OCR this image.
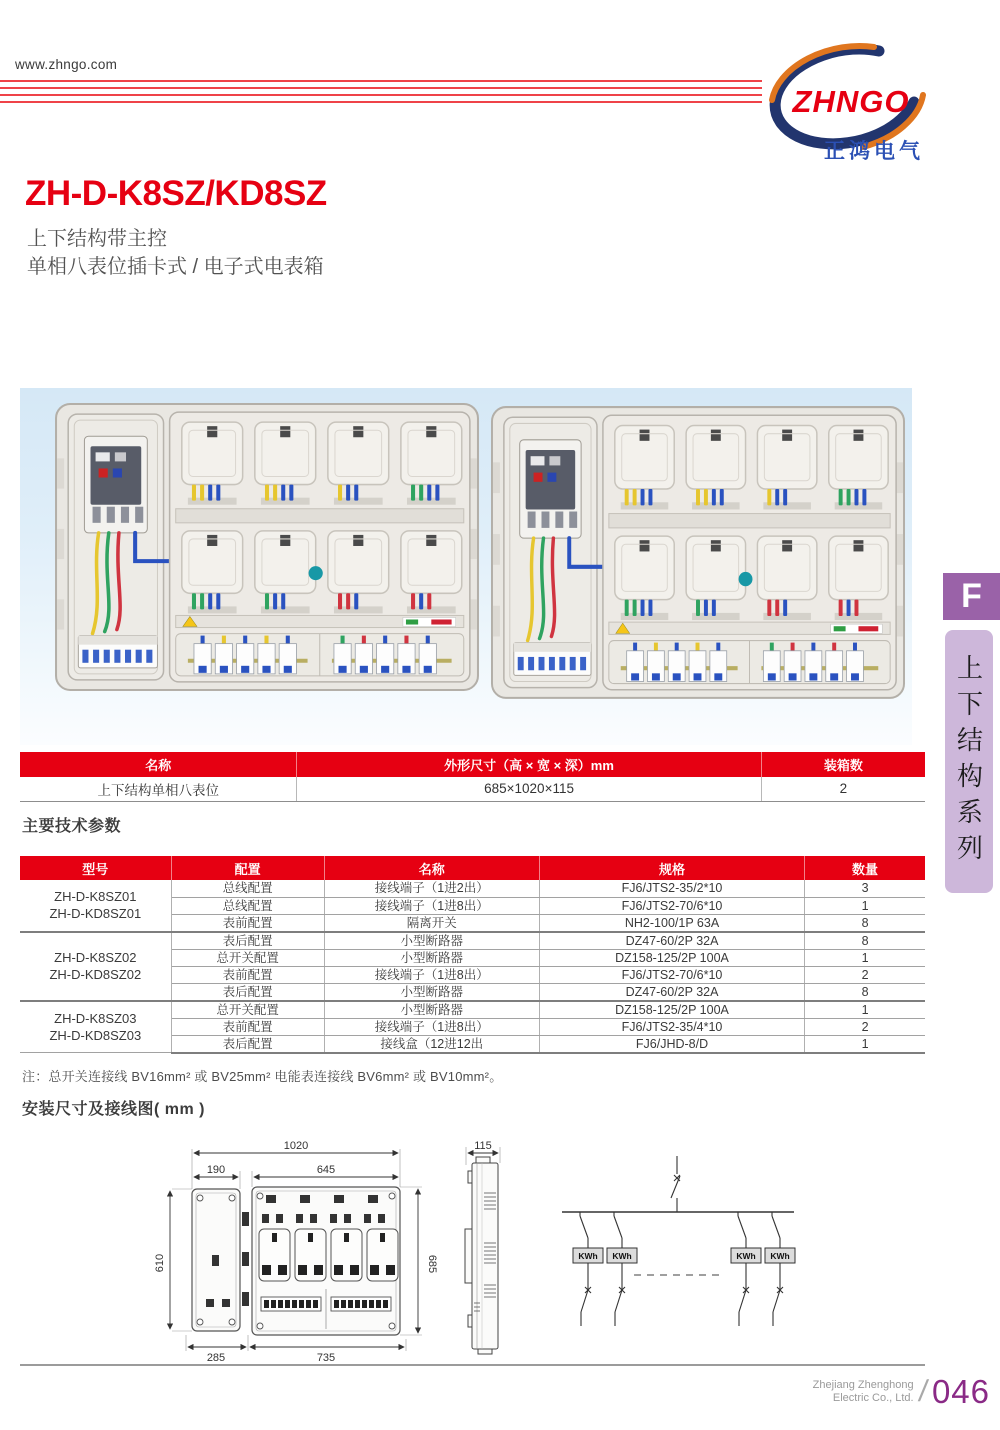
www.zhngo.com
ZHNGO
正鸿电气
ZH-D-K8SZ/KD8SZ
上下结构带主控
单相八表位插卡式 / 电子式电表箱
名称	外形尺寸（高 × 宽 × 深）mm	装箱数
上下结构单相八表位	685×1020×115	2
主要技术参数
型号	配置	名称	规格	数量
ZH-D-K8SZ01
ZH-D-KD8SZ01	总线配置	接线端子（1进2出）	FJ6/JTS2-35/2*10	3
	总线配置	接线端子（1进8出）	FJ6/JTS2-70/6*10	1
	表前配置	隔离开关	NH2-100/1P 63A	8
ZH-D-K8SZ02
ZH-D-KD8SZ02	表后配置	小型断路器	DZ47-60/2P 32A	8
	总开关配置	小型断路器	DZ158-125/2P 100A	1
	表前配置	接线端子（1进8出）	FJ6/JTS2-70/6*10	2
	表后配置	小型断路器	DZ47-60/2P 32A	8
ZH-D-K8SZ03
ZH-D-KD8SZ03	总开关配置	小型断路器	DZ158-125/2P 100A	1
	表前配置	接线端子（1进8出）	FJ6/JTS2-35/4*10	2
	表后配置	接线盒（12进12出	FJ6/JHD-8/D	1
注：总开关连接线 BV16mm² 或 BV25mm² 电能表连接线 BV6mm² 或 BV10mm²。
安装尺寸及接线图( mm )
1020
190	645
610	685
285	735
115
KWh KWh	KWh KWh
Zhejiang Zhenghong
Electric Co., Ltd. / 046
F
上下结构系列
